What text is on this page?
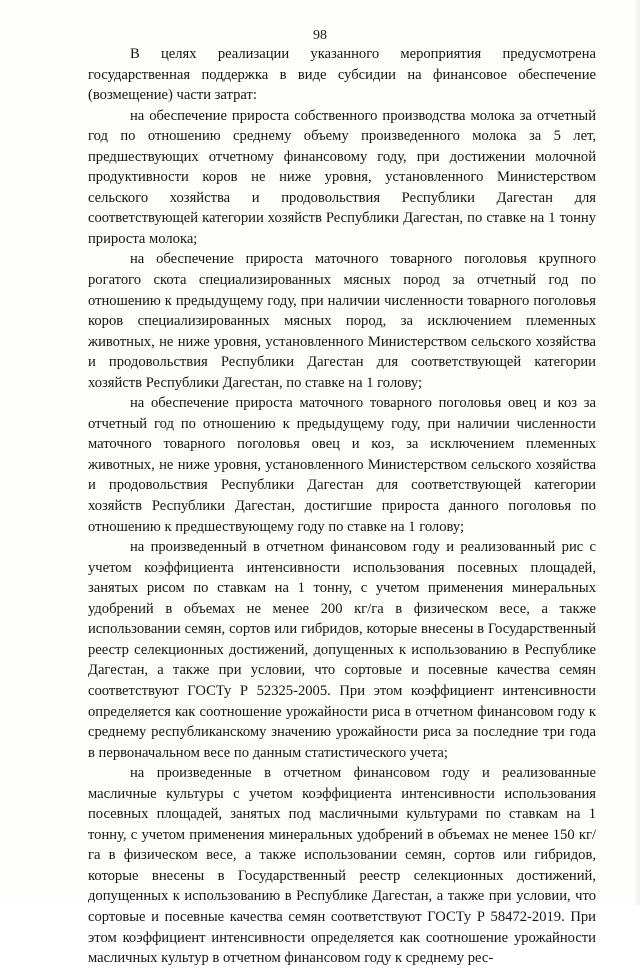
98

В целях реализации указанного мероприятия предусмотрена государственная поддержка в виде субсидии на финансовое обеспечение (возмещение) части затрат:

на обеспечение прироста собственного производства молока за отчетный год по отношению среднему объему произведенного молока за 5 лет, предшествующих отчетному финансовому году, при достижении молочной продуктивности коров не ниже уровня, установленного Министерством сельского хозяйства и продовольствия Республики Дагестан для соответствующей категории хозяйств Республики Дагестан, по ставке на 1 тонну прироста молока;

на обеспечение прироста маточного товарного поголовья крупного рогатого скота специализированных мясных пород за отчетный год по отношению к предыдущему году, при наличии численности товарного поголовья коров специализированных мясных пород, за исключением племенных животных, не ниже уровня, установленного Министерством сельского хозяйства и продовольствия Республики Дагестан для соответствующей категории хозяйств Республики Дагестан, по ставке на 1 голову;

на обеспечение прироста маточного товарного поголовья овец и коз за отчетный год по отношению к предыдущему году, при наличии численности маточного товарного поголовья овец и коз, за исключением племенных животных, не ниже уровня, установленного Министерством сельского хозяйства и продовольствия Республики Дагестан для соответствующей категории хозяйств Республики Дагестан, достигшие прироста данного поголовья по отношению к предшествующему году по ставке на 1 голову;

на произведенный в отчетном финансовом году и реализованный рис с учетом коэффициента интенсивности использования посевных площадей, занятых рисом по ставкам на 1 тонну, с учетом применения минеральных удобрений в объемах не менее 200 кг/га в физическом весе, а также использовании семян, сортов или гибридов, которые внесены в Государственный реестр селекционных достижений, допущенных к использованию в Республике Дагестан, а также при условии, что сортовые и посевные качества семян соответствуют ГОСТу Р 52325-2005. При этом коэффициент интенсивности определяется как соотношение урожайности риса в отчетном финансовом году к среднему республиканскому значению урожайности риса за последние три года в первоначальном весе по данным статистического учета;

на произведенные в отчетном финансовом году и реализованные масличные культуры с учетом коэффициента интенсивности использования посевных площадей, занятых под масличными культурами по ставкам на 1 тонну, с учетом применения минеральных удобрений в объемах не менее 150 кг/га в физическом весе, а также использовании семян, сортов или гибридов, которые внесены в Государственный реестр селекционных достижений, допущенных к использованию в Республике Дагестан, а также при условии, что сортовые и посевные качества семян соответствуют ГОСТу Р 58472-2019. При этом коэффициент интенсивности определяется как соотношение урожайности масличных культур в отчетном финансовом году к среднему рес-
